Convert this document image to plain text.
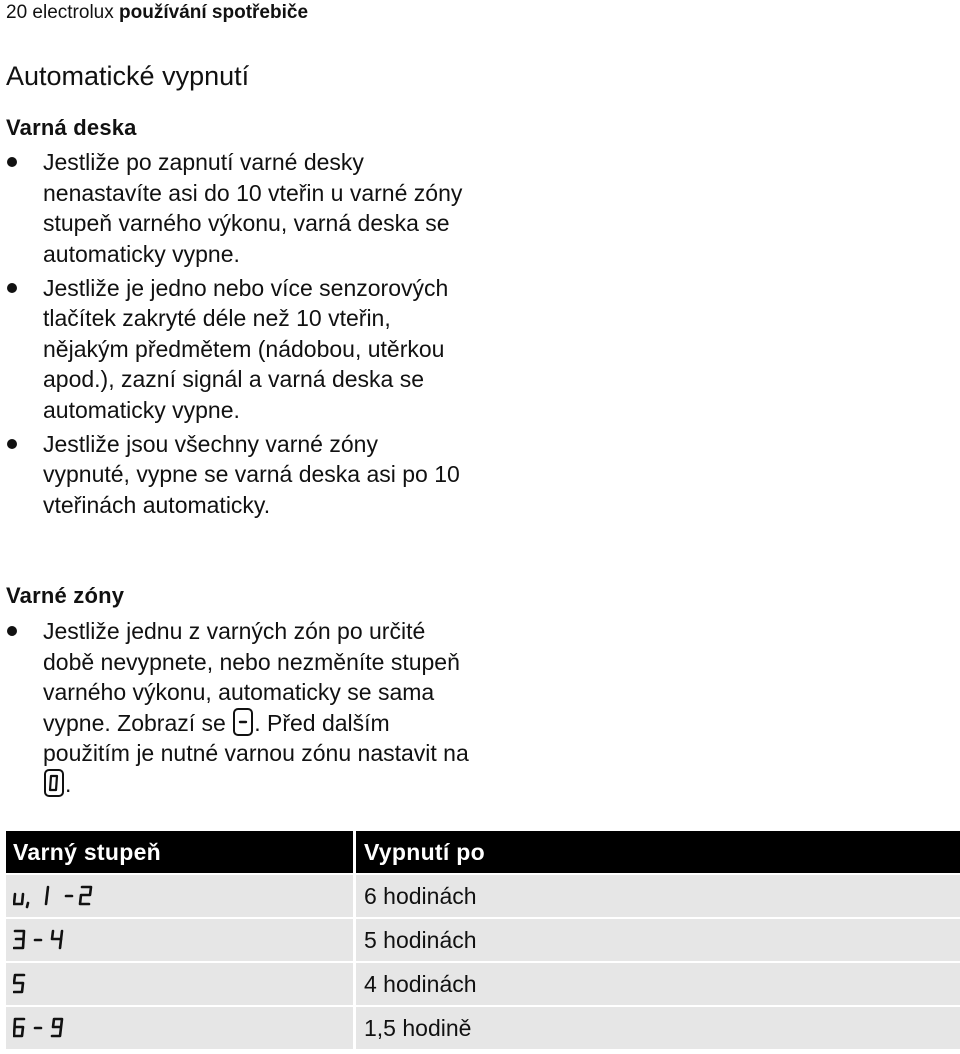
20 electrolux používání spotřebiče
Automatické vypnutí
Varná deska
Jestliže po zapnutí varné desky nenastavíte asi do 10 vteřin u varné zóny stupeň varného výkonu, varná deska se automaticky vypne.
Jestliže je jedno nebo více senzorových tlačítek zakryté déle než 10 vteřin, nějakým předmětem (nádobou, utěrkou apod.), zazní signál a varná deska se automaticky vypne.
Jestliže jsou všechny varné zóny vypnuté, vypne se varná deska asi po 10 vteřinách automaticky.
Varné zóny
Jestliže jednu z varných zón po určité době nevypnete, nebo nezměníte stupeň varného výkonu, automaticky se sama vypne. Zobrazí se . Před dalším použitím je nutné varnou zónu nastavit na
.
Varný stupeň	Vypnutí po
6 hodinách
5 hodinách
4 hodinách
1,5 hodině
